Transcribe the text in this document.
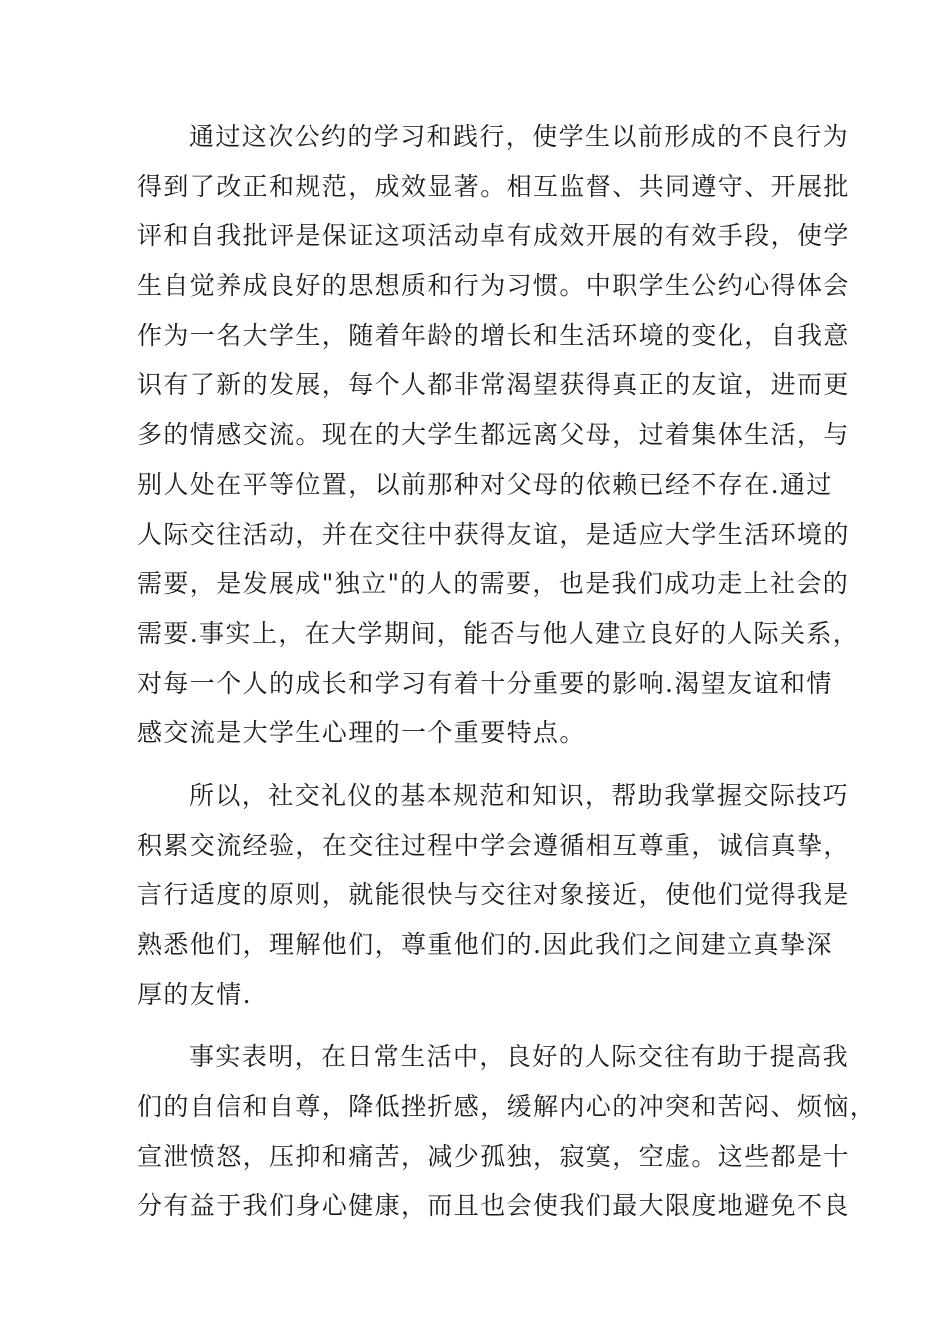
通过这次公约的学习和践行，使学生以前形成的不良行为
得到了改正和规范，成效显著。相互监督、共同遵守、开展批
评和自我批评是保证这项活动卓有成效开展的有效手段，使学
生自觉养成良好的思想质和行为习惯。中职学生公约心得体会
作为一名大学生，随着年龄的增长和生活环境的变化，自我意
识有了新的发展，每个人都非常渴望获得真正的友谊，进而更
多的情感交流。现在的大学生都远离父母，过着集体生活，与
别人处在平等位置，以前那种对父母的依赖已经不存在.通过
人际交往活动，并在交往中获得友谊，是适应大学生活环境的
需要，是发展成"独立"的人的需要，也是我们成功走上社会的
需要.事实上，在大学期间，能否与他人建立良好的人际关系，
对每一个人的成长和学习有着十分重要的影响.渴望友谊和情
感交流是大学生心理的一个重要特点。
所以，社交礼仪的基本规范和知识，帮助我掌握交际技巧
积累交流经验，在交往过程中学会遵循相互尊重，诚信真挚，
言行适度的原则，就能很快与交往对象接近，使他们觉得我是
熟悉他们，理解他们，尊重他们的.因此我们之间建立真挚深
厚的友情.
事实表明，在日常生活中，良好的人际交往有助于提高我
们的自信和自尊，降低挫折感，缓解内心的冲突和苦闷、烦恼，
宣泄愤怒，压抑和痛苦，减少孤独，寂寞，空虚。这些都是十
分有益于我们身心健康，而且也会使我们最大限度地避免不良
